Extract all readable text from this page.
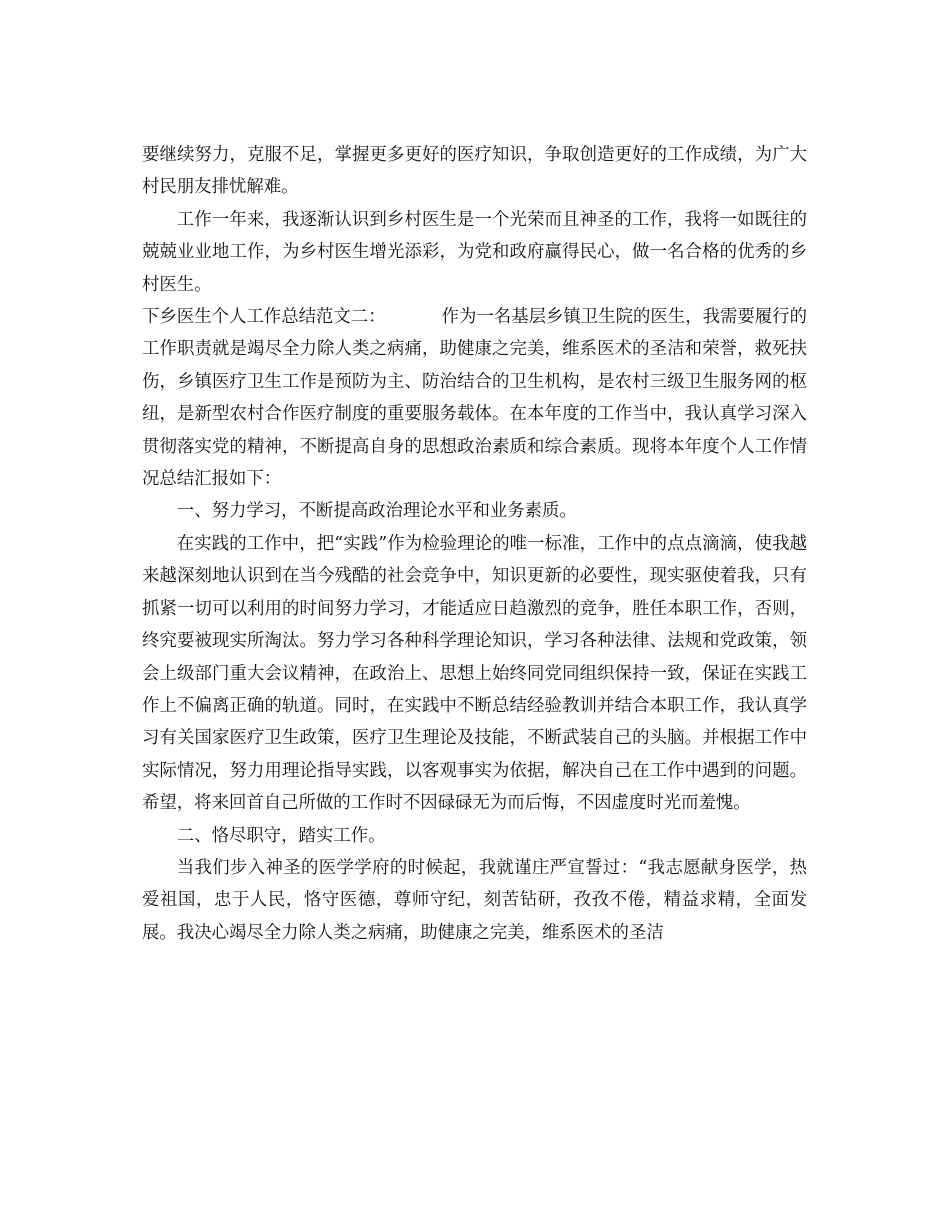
要继续努力，克服不足，掌握更多更好的医疗知识，争取创造更好的工作成绩，为广大村民朋友排忧解难。

工作一年来，我逐渐认识到乡村医生是一个光荣而且神圣的工作，我将一如既往的兢兢业业地工作，为乡村医生增光添彩，为党和政府赢得民心，做一名合格的优秀的乡村医生。

下乡医生个人工作总结范文二：	作为一名基层乡镇卫生院的医生，我需要履行的工作职责就是竭尽全力除人类之病痛，助健康之完美，维系医术的圣洁和荣誉，救死扶伤，乡镇医疗卫生工作是预防为主、防治结合的卫生机构，是农村三级卫生服务网的枢纽，是新型农村合作医疗制度的重要服务载体。在本年度的工作当中，我认真学习深入贯彻落实党的精神，不断提高自身的思想政治素质和综合素质。现将本年度个人工作情况总结汇报如下：

一、努力学习，不断提高政治理论水平和业务素质。

在实践的工作中，把“实践”作为检验理论的唯一标准，工作中的点点滴滴，使我越来越深刻地认识到在当今残酷的社会竞争中，知识更新的必要性，现实驱使着我，只有抓紧一切可以利用的时间努力学习，才能适应日趋激烈的竞争，胜任本职工作，否则，终究要被现实所淘汰。努力学习各种科学理论知识，学习各种法律、法规和党政策，领会上级部门重大会议精神，在政治上、思想上始终同党同组织保持一致，保证在实践工作上不偏离正确的轨道。同时，在实践中不断总结经验教训并结合本职工作，我认真学习有关国家医疗卫生政策，医疗卫生理论及技能，不断武装自己的头脑。并根据工作中实际情况，努力用理论指导实践，以客观事实为依据，解决自己在工作中遇到的问题。希望，将来回首自己所做的工作时不因碌碌无为而后悔，不因虚度时光而羞愧。

二、恪尽职守，踏实工作。

当我们步入神圣的医学学府的时候起，我就谨庄严宣誓过：“我志愿献身医学，热爱祖国，忠于人民，恪守医德，尊师守纪，刻苦钻研，孜孜不倦，精益求精，全面发展。我决心竭尽全力除人类之病痛，助健康之完美，维系医术的圣洁
